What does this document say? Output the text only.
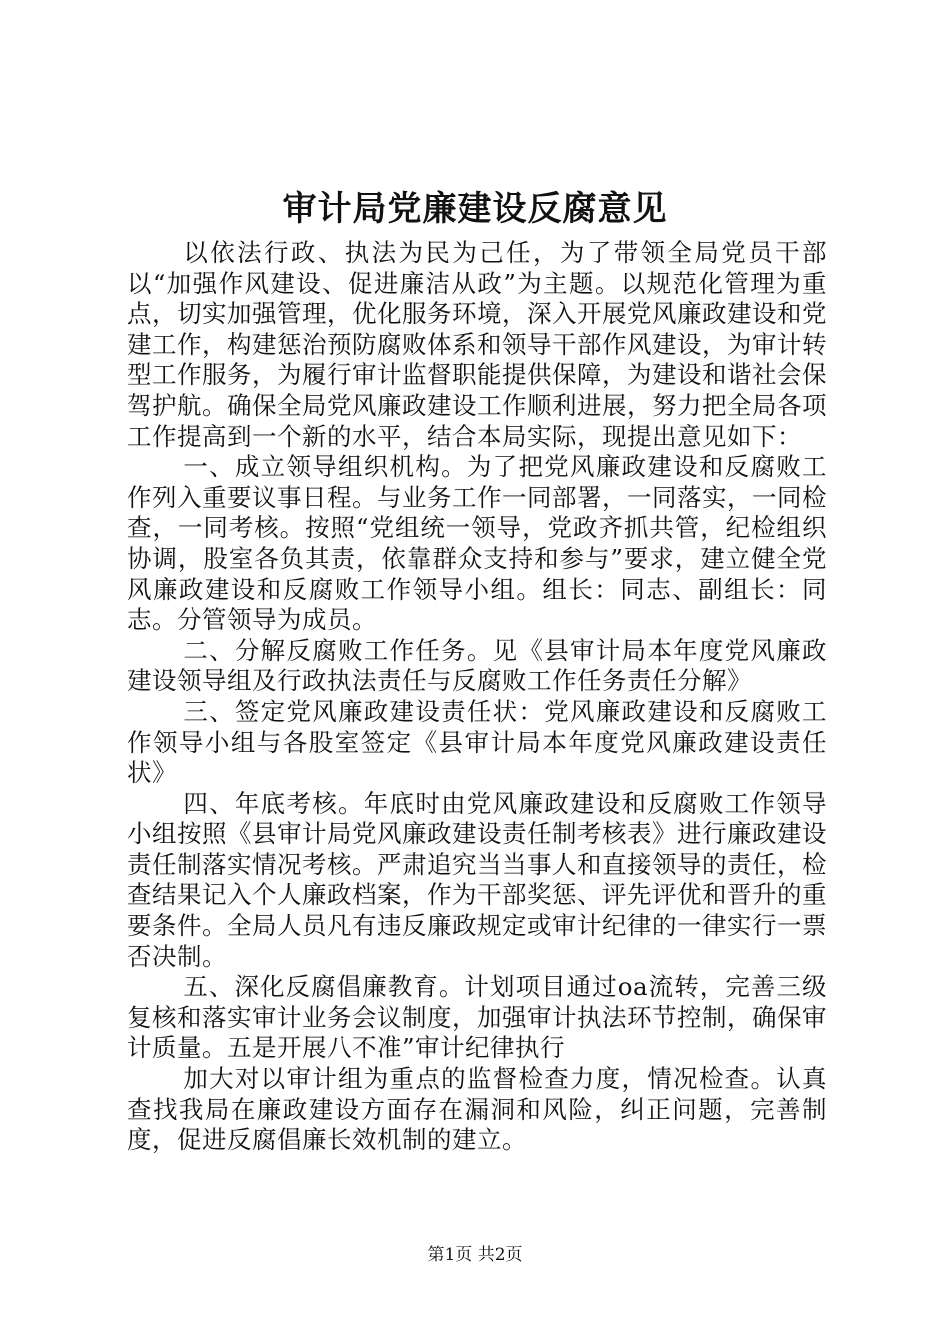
审计局党廉建设反腐意见

以依法行政、执法为民为己任，为了带领全局党员干部以“加强作风建设、促进廉洁从政”为主题。以规范化管理为重点，切实加强管理，优化服务环境，深入开展党风廉政建设和党建工作，构建惩治预防腐败体系和领导干部作风建设，为审计转型工作服务，为履行审计监督职能提供保障，为建设和谐社会保驾护航。确保全局党风廉政建设工作顺利进展，努力把全局各项工作提高到一个新的水平，结合本局实际，现提出意见如下：

一、成立领导组织机构。为了把党风廉政建设和反腐败工作列入重要议事日程。与业务工作一同部署，一同落实，一同检查，一同考核。按照“党组统一领导，党政齐抓共管，纪检组织协调，股室各负其责，依靠群众支持和参与”要求，建立健全党风廉政建设和反腐败工作领导小组。组长：同志、副组长：同志。分管领导为成员。

二、分解反腐败工作任务。见《县审计局本年度党风廉政建设领导组及行政执法责任与反腐败工作任务责任分解》

三、签定党风廉政建设责任状：党风廉政建设和反腐败工作领导小组与各股室签定《县审计局本年度党风廉政建设责任状》

四、年底考核。年底时由党风廉政建设和反腐败工作领导小组按照《县审计局党风廉政建设责任制考核表》进行廉政建设责任制落实情况考核。严肃追究当当事人和直接领导的责任，检查结果记入个人廉政档案，作为干部奖惩、评先评优和晋升的重要条件。全局人员凡有违反廉政规定或审计纪律的一律实行一票否决制。

五、深化反腐倡廉教育。计划项目通过oa流转，完善三级复核和落实审计业务会议制度，加强审计执法环节控制，确保审计质量。五是开展八不准”审计纪律执行

加大对以审计组为重点的监督检查力度，情况检查。认真查找我局在廉政建设方面存在漏洞和风险，纠正问题，完善制度，促进反腐倡廉长效机制的建立。

第1页 共2页
